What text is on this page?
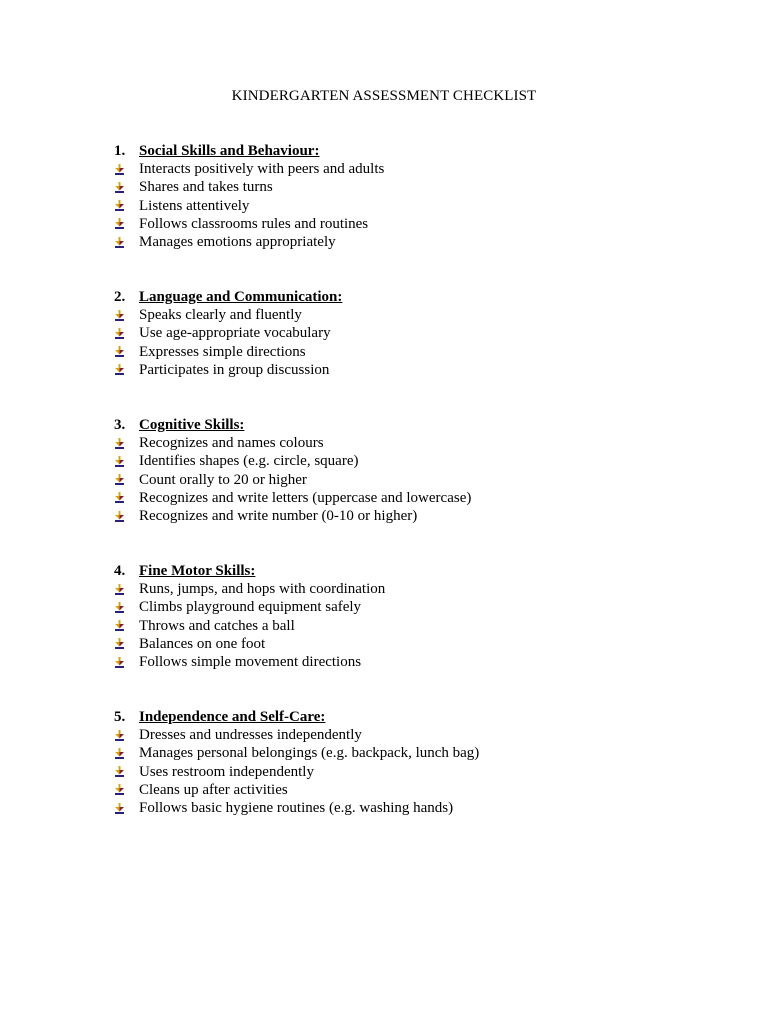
KINDERGARTEN ASSESSMENT CHECKLIST
1. Social Skills and Behaviour:
Interacts positively with peers and adults
Shares and takes turns
Listens attentively
Follows classrooms rules and routines
Manages emotions appropriately
2. Language and Communication:
Speaks clearly and fluently
Use age-appropriate vocabulary
Expresses simple directions
Participates in group discussion
3. Cognitive Skills:
Recognizes and names colours
Identifies shapes (e.g. circle, square)
Count orally to 20 or higher
Recognizes and write letters (uppercase and lowercase)
Recognizes and write number (0-10 or higher)
4. Fine Motor Skills:
Runs, jumps, and hops with coordination
Climbs playground equipment safely
Throws and catches a ball
Balances on one foot
Follows simple movement directions
5. Independence and Self-Care:
Dresses and undresses independently
Manages personal belongings (e.g. backpack, lunch bag)
Uses restroom independently
Cleans up after activities
Follows basic hygiene routines (e.g. washing hands)
